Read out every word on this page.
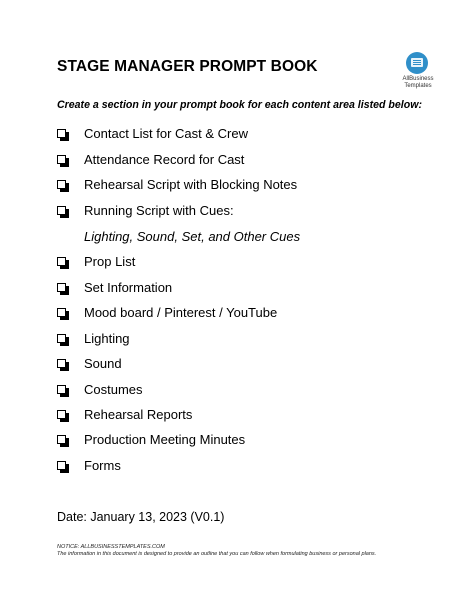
STAGE MANAGER PROMPT BOOK
AllBusiness
Templates
Create a section in your prompt book for each content area listed below:
Contact List for Cast & Crew
Attendance Record for Cast
Rehearsal Script with Blocking Notes
Running Script with Cues:
Lighting, Sound, Set, and Other Cues
Prop List
Set Information
Mood board / Pinterest / YouTube
Lighting
Sound
Costumes
Rehearsal Reports
Production Meeting Minutes
Forms
Date: January 13, 2023 (V0.1)
NOTICE: ALLBUSINESSTEMPLATES.COM
The information in this document is designed to provide an outline that you can follow when formulating business or personal plans.
